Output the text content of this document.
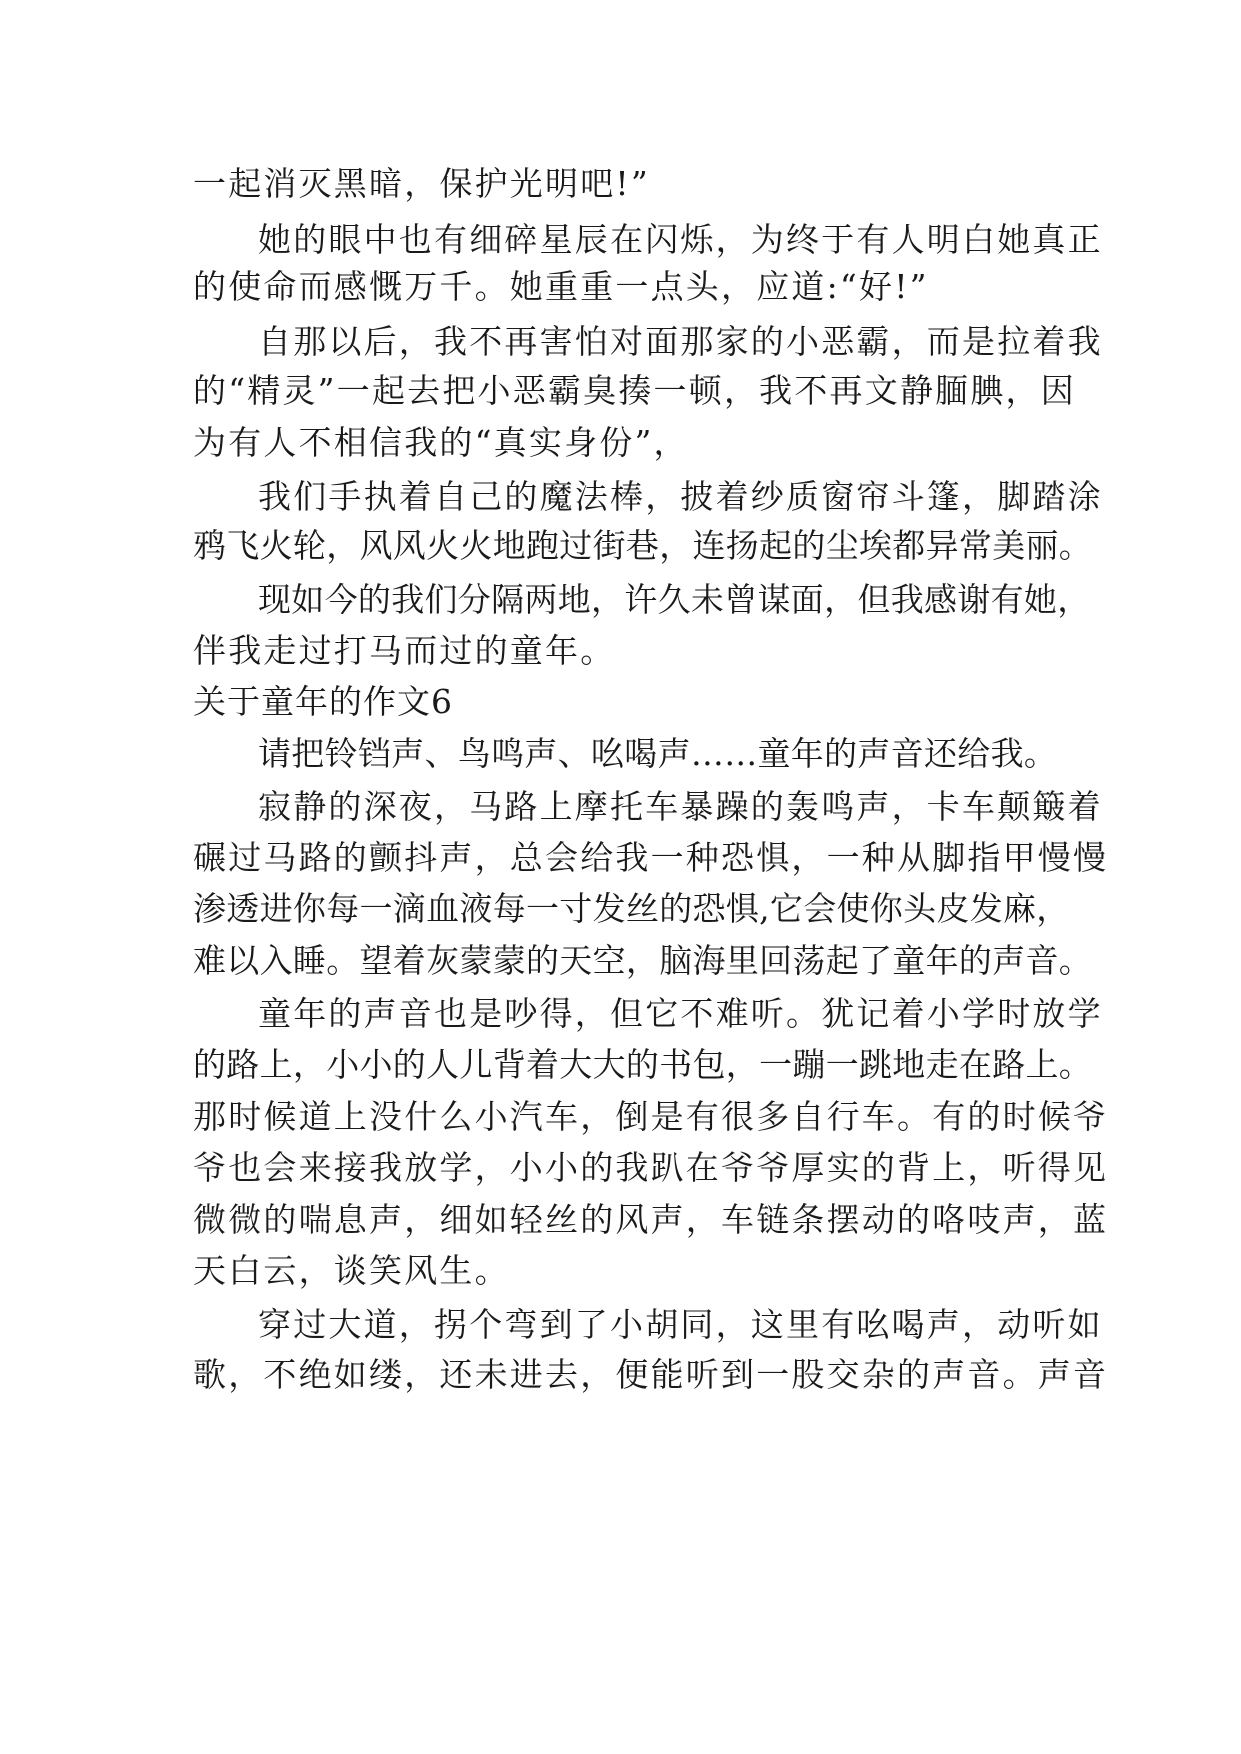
一起消灭黑暗，保护光明吧!”
她的眼中也有细碎星辰在闪烁，为终于有人明白她真正
的使命而感慨万千。她重重一点头，应道:“好!”
自那以后，我不再害怕对面那家的小恶霸，而是拉着我
的“精灵”一起去把小恶霸臭揍一顿，我不再文静腼腆，因
为有人不相信我的“真实身份”，
我们手执着自己的魔法棒，披着纱质窗帘斗篷，脚踏涂
鸦飞火轮，风风火火地跑过街巷，连扬起的尘埃都异常美丽。
现如今的我们分隔两地，许久未曾谋面，但我感谢有她，
伴我走过打马而过的童年。
关于童年的作文6
请把铃铛声、鸟鸣声、吆喝声……童年的声音还给我。
寂静的深夜，马路上摩托车暴躁的轰鸣声，卡车颠簸着
碾过马路的颤抖声，总会给我一种恐惧，一种从脚指甲慢慢
渗透进你每一滴血液每一寸发丝的恐惧,它会使你头皮发麻，
难以入睡。望着灰蒙蒙的天空，脑海里回荡起了童年的声音。
童年的声音也是吵得，但它不难听。犹记着小学时放学
的路上，小小的人儿背着大大的书包，一蹦一跳地走在路上。
那时候道上没什么小汽车，倒是有很多自行车。有的时候爷
爷也会来接我放学，小小的我趴在爷爷厚实的背上，听得见
微微的喘息声，细如轻丝的风声，车链条摆动的咯吱声，蓝
天白云，谈笑风生。
穿过大道，拐个弯到了小胡同，这里有吆喝声，动听如
歌，不绝如缕，还未进去，便能听到一股交杂的声音。声音
